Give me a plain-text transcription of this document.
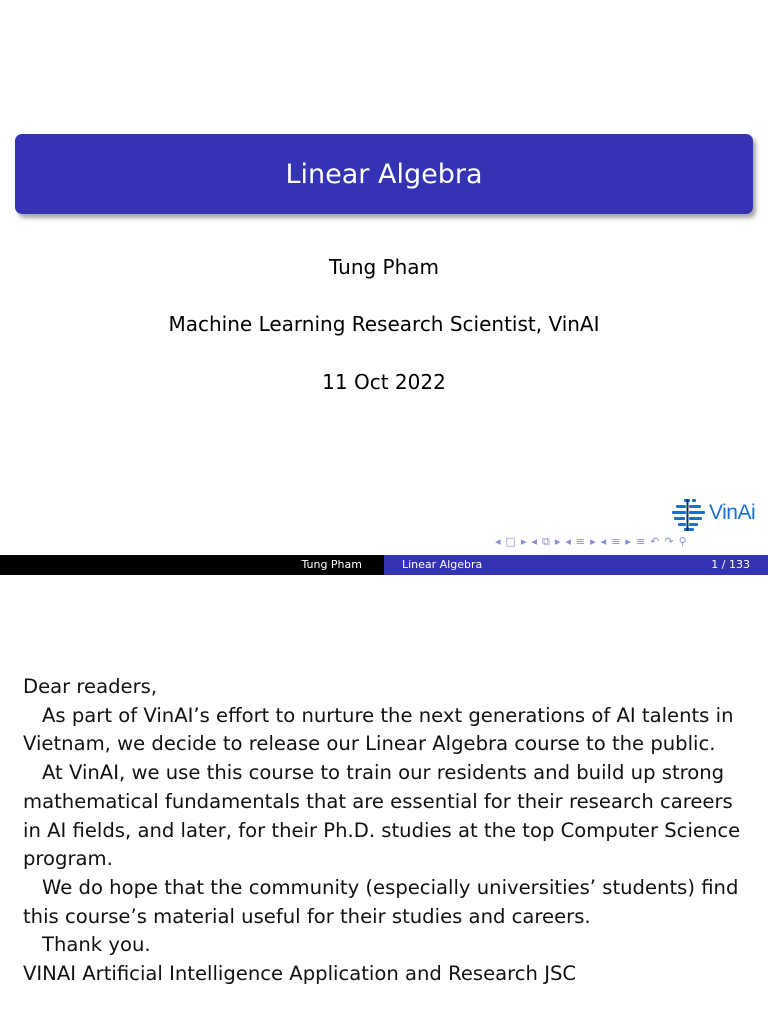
Linear Algebra
Tung Pham
Machine Learning Research Scientist, VinAI
11 Oct 2022
VinAi
◂ □ ▸ ◂ ⧉ ▸ ◂ ≡ ▸ ◂ ≡ ▸ ≡ ↶ ↷ ⚲
Tung Pham	Linear Algebra	1 / 133

Dear readers,

As part of VinAI’s effort to nurture the next generations of AI talents in Vietnam, we decide to release our Linear Algebra course to the public.

At VinAI, we use this course to train our residents and build up strong mathematical fundamentals that are essential for their research careers in AI fields, and later, for their Ph.D. studies at the top Computer Science program.

We do hope that the community (especially universities’ students) find this course’s material useful for their studies and careers.

Thank you.

VINAI Artificial Intelligence Application and Research JSC
